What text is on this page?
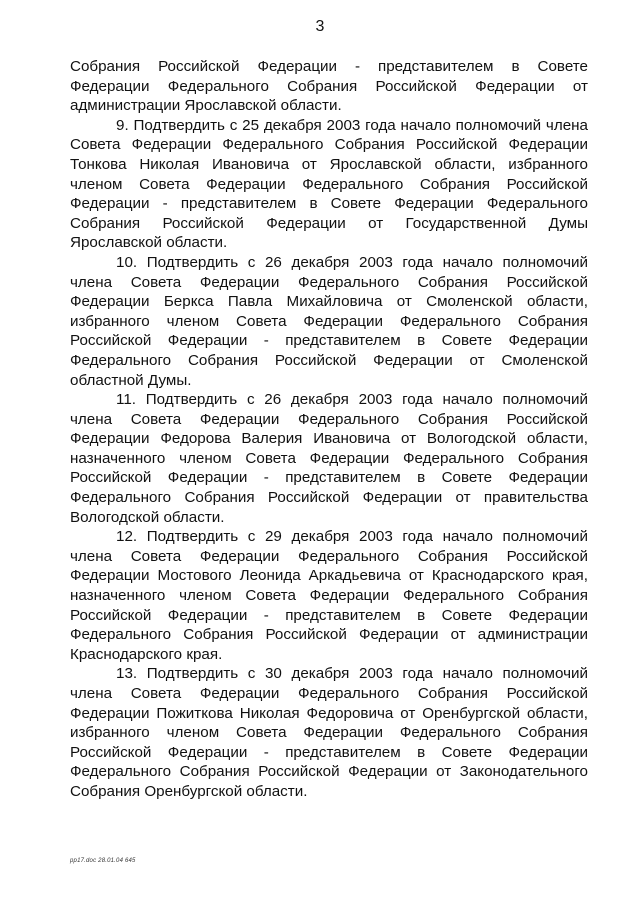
3

Собрания Российской Федерации - представителем в Совете Федерации Федерального Собрания Российской Федерации от администрации Ярославской области.

9. Подтвердить с 25 декабря 2003 года начало полномочий члена Совета Федерации Федерального Собрания Российской Федерации Тонкова Николая Ивановича от Ярославской области, избранного членом Совета Федерации Федерального Собрания Российской Федерации - представителем в Совете Федерации Федерального Собрания Российской Федерации от Государственной Думы Ярославской области.

10. Подтвердить с 26 декабря 2003 года начало полномочий члена Совета Федерации Федерального Собрания Российской Федерации Беркса Павла Михайловича от Смоленской области, избранного членом Совета Федерации Федерального Собрания Российской Федерации - представителем в Совете Федерации Федерального Собрания Российской Федерации от Смоленской областной Думы.

11. Подтвердить с 26 декабря 2003 года начало полномочий члена Совета Федерации Федерального Собрания Российской Федерации Федорова Валерия Ивановича от Вологодской области, назначенного членом Совета Федерации Федерального Собрания Российской Федерации - представителем в Совете Федерации Федерального Собрания Российской Федерации от правительства Вологодской области.

12. Подтвердить с 29 декабря 2003 года начало полномочий члена Совета Федерации Федерального Собрания Российской Федерации Мостового Леонида Аркадьевича от Краснодарского края, назначенного членом Совета Федерации Федерального Собрания Российской Федерации - представителем в Совете Федерации Федерального Собрания Российской Федерации от администрации Краснодарского края.

13. Подтвердить с 30 декабря 2003 года начало полномочий члена Совета Федерации Федерального Собрания Российской Федерации Пожиткова Николая Федоровича от Оренбургской области, избранного членом Совета Федерации Федерального Собрания Российской Федерации - представителем в Совете Федерации Федерального Собрания Российской Федерации от Законодательного Собрания Оренбургской области.

pp17.doc 28.01.04 645
